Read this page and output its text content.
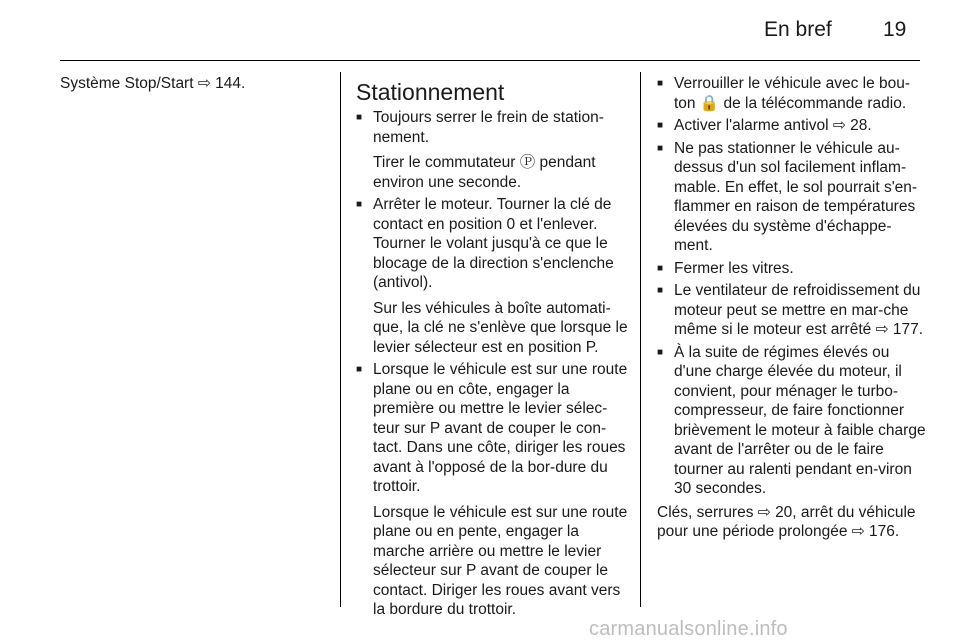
En bref 19

Système Stop/Start ⇨ 144.	Stationnement

■ Toujours serrer le frein de station-nement.

Tirer le commutateur Ⓟ pendant environ une seconde.

■ Arrêter le moteur. Tourner la clé de contact en position 0 et l'enlever. Tourner le volant jusqu'à ce que le blocage de la direction s'enclenche (antivol).

Sur les véhicules à boîte automati-que, la clé ne s'enlève que lorsque le levier sélecteur est en position P.

■ Lorsque le véhicule est sur une route plane ou en côte, engager la première ou mettre le levier sélec-teur sur P avant de couper le con-tact. Dans une côte, diriger les roues avant à l'opposé de la bor-dure du trottoir.

Lorsque le véhicule est sur une route plane ou en pente, engager la marche arrière ou mettre le levier sélecteur sur P avant de couper le contact. Diriger les roues avant vers la bordure du trottoir.

■ Verrouiller le véhicule avec le bou-ton 🔒 de la télécommande radio.
■ Activer l'alarme antivol ⇨ 28.
■ Ne pas stationner le véhicule au-dessus d'un sol facilement inflam-mable. En effet, le sol pourrait s'en-flammer en raison de températures élevées du système d'échappe-ment.
■ Fermer les vitres.
■ Le ventilateur de refroidissement du moteur peut se mettre en mar-che même si le moteur est arrêté ⇨ 177.
■ À la suite de régimes élevés ou d'une charge élevée du moteur, il convient, pour ménager le turbo-compresseur, de faire fonctionner brièvement le moteur à faible charge avant de l'arrêter ou de le faire tourner au ralenti pendant en-viron 30 secondes.

Clés, serrures ⇨ 20, arrêt du véhicule pour une période prolongée ⇨ 176.

carmanualsonline.info
